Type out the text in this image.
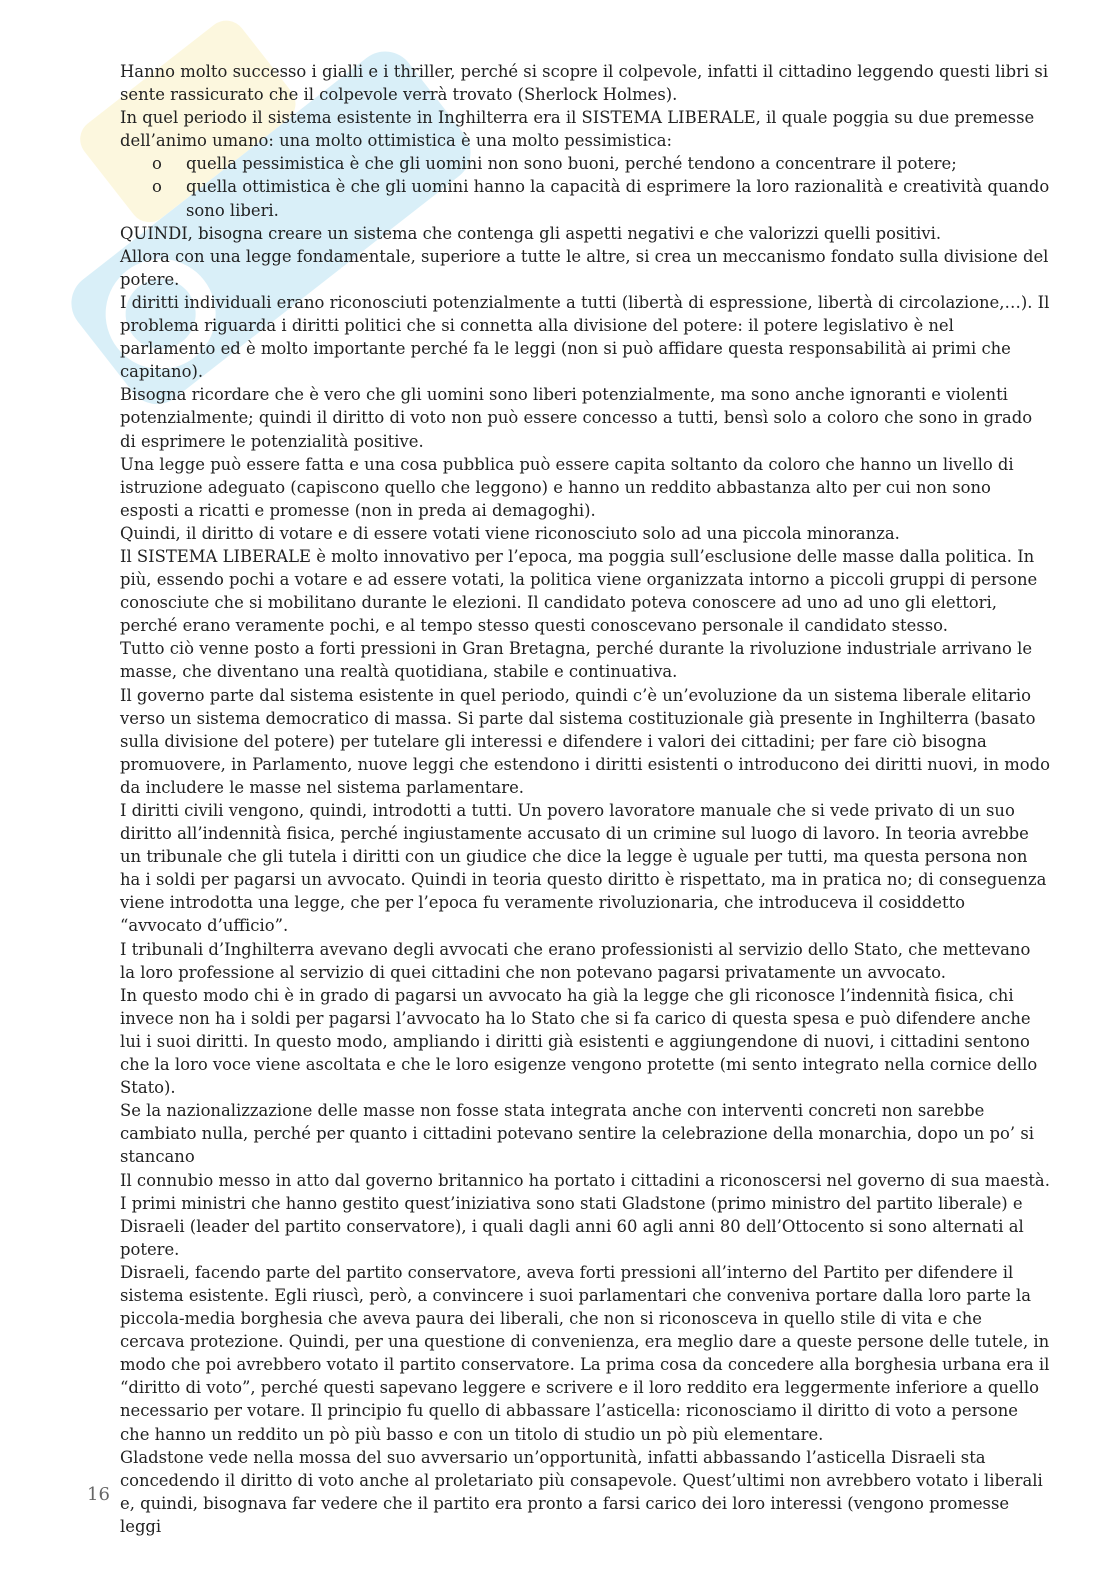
Hanno molto successo i gialli e i thriller, perché si scopre il colpevole, infatti il cittadino leggendo questi libri si sente rassicurato che il colpevole verrà trovato (Sherlock Holmes).

In quel periodo il sistema esistente in Inghilterra era il SISTEMA LIBERALE, il quale poggia su due premesse dell’animo umano: una molto ottimistica è una molto pessimistica:

o quella pessimistica è che gli uomini non sono buoni, perché tendono a concentrare il potere;
o quella ottimistica è che gli uomini hanno la capacità di esprimere la loro razionalità e creatività quando sono liberi.

QUINDI, bisogna creare un sistema che contenga gli aspetti negativi e che valorizzi quelli positivi.

Allora con una legge fondamentale, superiore a tutte le altre, si crea un meccanismo fondato sulla divisione del potere.

I diritti individuali erano riconosciuti potenzialmente a tutti (libertà di espressione, libertà di circolazione,…). Il problema riguarda i diritti politici che si connetta alla divisione del potere: il potere legislativo è nel parlamento ed è molto importante perché fa le leggi (non si può affidare questa responsabilità ai primi che capitano).

Bisogna ricordare che è vero che gli uomini sono liberi potenzialmente, ma sono anche ignoranti e violenti potenzialmente; quindi il diritto di voto non può essere concesso a tutti, bensì solo a coloro che sono in grado di esprimere le potenzialità positive.

Una legge può essere fatta e una cosa pubblica può essere capita soltanto da coloro che hanno un livello di istruzione adeguato (capiscono quello che leggono) e hanno un reddito abbastanza alto per cui non sono esposti a ricatti e promesse (non in preda ai demagoghi).

Quindi, il diritto di votare e di essere votati viene riconosciuto solo ad una piccola minoranza.

Il SISTEMA LIBERALE è molto innovativo per l’epoca, ma poggia sull’esclusione delle masse dalla politica. In più, essendo pochi a votare e ad essere votati, la politica viene organizzata intorno a piccoli gruppi di persone conosciute che si mobilitano durante le elezioni. Il candidato poteva conoscere ad uno ad uno gli elettori, perché erano veramente pochi, e al tempo stesso questi conoscevano personale il candidato stesso.

Tutto ciò venne posto a forti pressioni in Gran Bretagna, perché durante la rivoluzione industriale arrivano le masse, che diventano una realtà quotidiana, stabile e continuativa.

Il governo parte dal sistema esistente in quel periodo, quindi c’è un’evoluzione da un sistema liberale elitario verso un sistema democratico di massa. Si parte dal sistema costituzionale già presente in Inghilterra (basato sulla divisione del potere) per tutelare gli interessi e difendere i valori dei cittadini; per fare ciò bisogna promuovere, in Parlamento, nuove leggi che estendono i diritti esistenti o introducono dei diritti nuovi, in modo da includere le masse nel sistema parlamentare.

I diritti civili vengono, quindi, introdotti a tutti. Un povero lavoratore manuale che si vede privato di un suo diritto all’indennità fisica, perché ingiustamente accusato di un crimine sul luogo di lavoro. In teoria avrebbe un tribunale che gli tutela i diritti con un giudice che dice la legge è uguale per tutti, ma questa persona non ha i soldi per pagarsi un avvocato. Quindi in teoria questo diritto è rispettato, ma in pratica no; di conseguenza viene introdotta una legge, che per l’epoca fu veramente rivoluzionaria, che introduceva il cosiddetto “avvocato d’ufficio”.

I tribunali d’Inghilterra avevano degli avvocati che erano professionisti al servizio dello Stato, che mettevano la loro professione al servizio di quei cittadini che non potevano pagarsi privatamente un avvocato.

In questo modo chi è in grado di pagarsi un avvocato ha già la legge che gli riconosce l’indennità fisica, chi invece non ha i soldi per pagarsi l’avvocato ha lo Stato che si fa carico di questa spesa e può difendere anche lui i suoi diritti. In questo modo, ampliando i diritti già esistenti e aggiungendone di nuovi, i cittadini sentono che la loro voce viene ascoltata e che le loro esigenze vengono protette (mi sento integrato nella cornice dello Stato).

Se la nazionalizzazione delle masse non fosse stata integrata anche con interventi concreti non sarebbe cambiato nulla, perché per quanto i cittadini potevano sentire la celebrazione della monarchia, dopo un po’ si stancano

Il connubio messo in atto dal governo britannico ha portato i cittadini a riconoscersi nel governo di sua maestà.

I primi ministri che hanno gestito quest’iniziativa sono stati Gladstone (primo ministro del partito liberale) e Disraeli (leader del partito conservatore), i quali dagli anni 60 agli anni 80 dell’Ottocento si sono alternati al potere.

Disraeli, facendo parte del partito conservatore, aveva forti pressioni all’interno del Partito per difendere il sistema esistente. Egli riuscì, però, a convincere i suoi parlamentari che conveniva portare dalla loro parte la piccola-media borghesia che aveva paura dei liberali, che non si riconosceva in quello stile di vita e che cercava protezione. Quindi, per una questione di convenienza, era meglio dare a queste persone delle tutele, in modo che poi avrebbero votato il partito conservatore. La prima cosa da concedere alla borghesia urbana era il “diritto di voto”, perché questi sapevano leggere e scrivere e il loro reddito era leggermente inferiore a quello necessario per votare. Il principio fu quello di abbassare l’asticella: riconosciamo il diritto di voto a persone che hanno un reddito un pò più basso e con un titolo di studio un pò più elementare.

Gladstone vede nella mossa del suo avversario un’opportunità, infatti abbassando l’asticella Disraeli sta concedendo il diritto di voto anche al proletariato più consapevole. Quest’ultimi non avrebbero votato i liberali e, quindi, bisognava far vedere che il partito era pronto a farsi carico dei loro interessi (vengono promesse leggi

16
